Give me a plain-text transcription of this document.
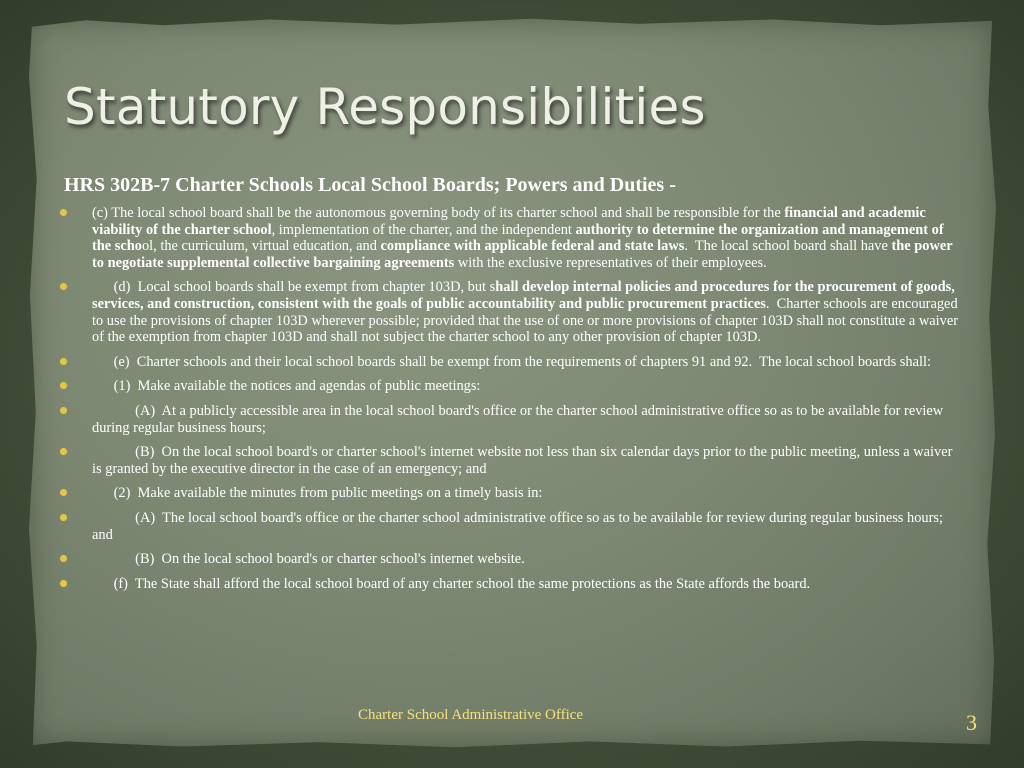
Statutory Responsibilities

HRS 302B-7 Charter Schools Local School Boards; Powers and Duties -

(c) The local school board shall be the autonomous governing body of its charter school and shall be responsible for the financial and academic viability of the charter school, implementation of the charter, and the independent authority to determine the organization and management of the school, the curriculum, virtual education, and compliance with applicable federal and state laws.  The local school board shall have the power to negotiate supplemental collective bargaining agreements with the exclusive representatives of their employees.
(d)  Local school boards shall be exempt from chapter 103D, but shall develop internal policies and procedures for the procurement of goods, services, and construction, consistent with the goals of public accountability and public procurement practices.  Charter schools are encouraged to use the provisions of chapter 103D wherever possible; provided that the use of one or more provisions of chapter 103D shall not constitute a waiver of the exemption from chapter 103D and shall not subject the charter school to any other provision of chapter 103D.
(e)  Charter schools and their local school boards shall be exempt from the requirements of chapters 91 and 92.  The local school boards shall:
(1)  Make available the notices and agendas of public meetings:
(A)  At a publicly accessible area in the local school board's office or the charter school administrative office so as to be available for review during regular business hours;
(B)  On the local school board's or charter school's internet website not less than six calendar days prior to the public meeting, unless a waiver is granted by the executive director in the case of an emergency; and
(2)  Make available the minutes from public meetings on a timely basis in:
(A)  The local school board's office or the charter school administrative office so as to be available for review during regular business hours; and
(B)  On the local school board's or charter school's internet website.
(f)  The State shall afford the local school board of any charter school the same protections as the State affords the board.
Charter School Administrative Office	3
